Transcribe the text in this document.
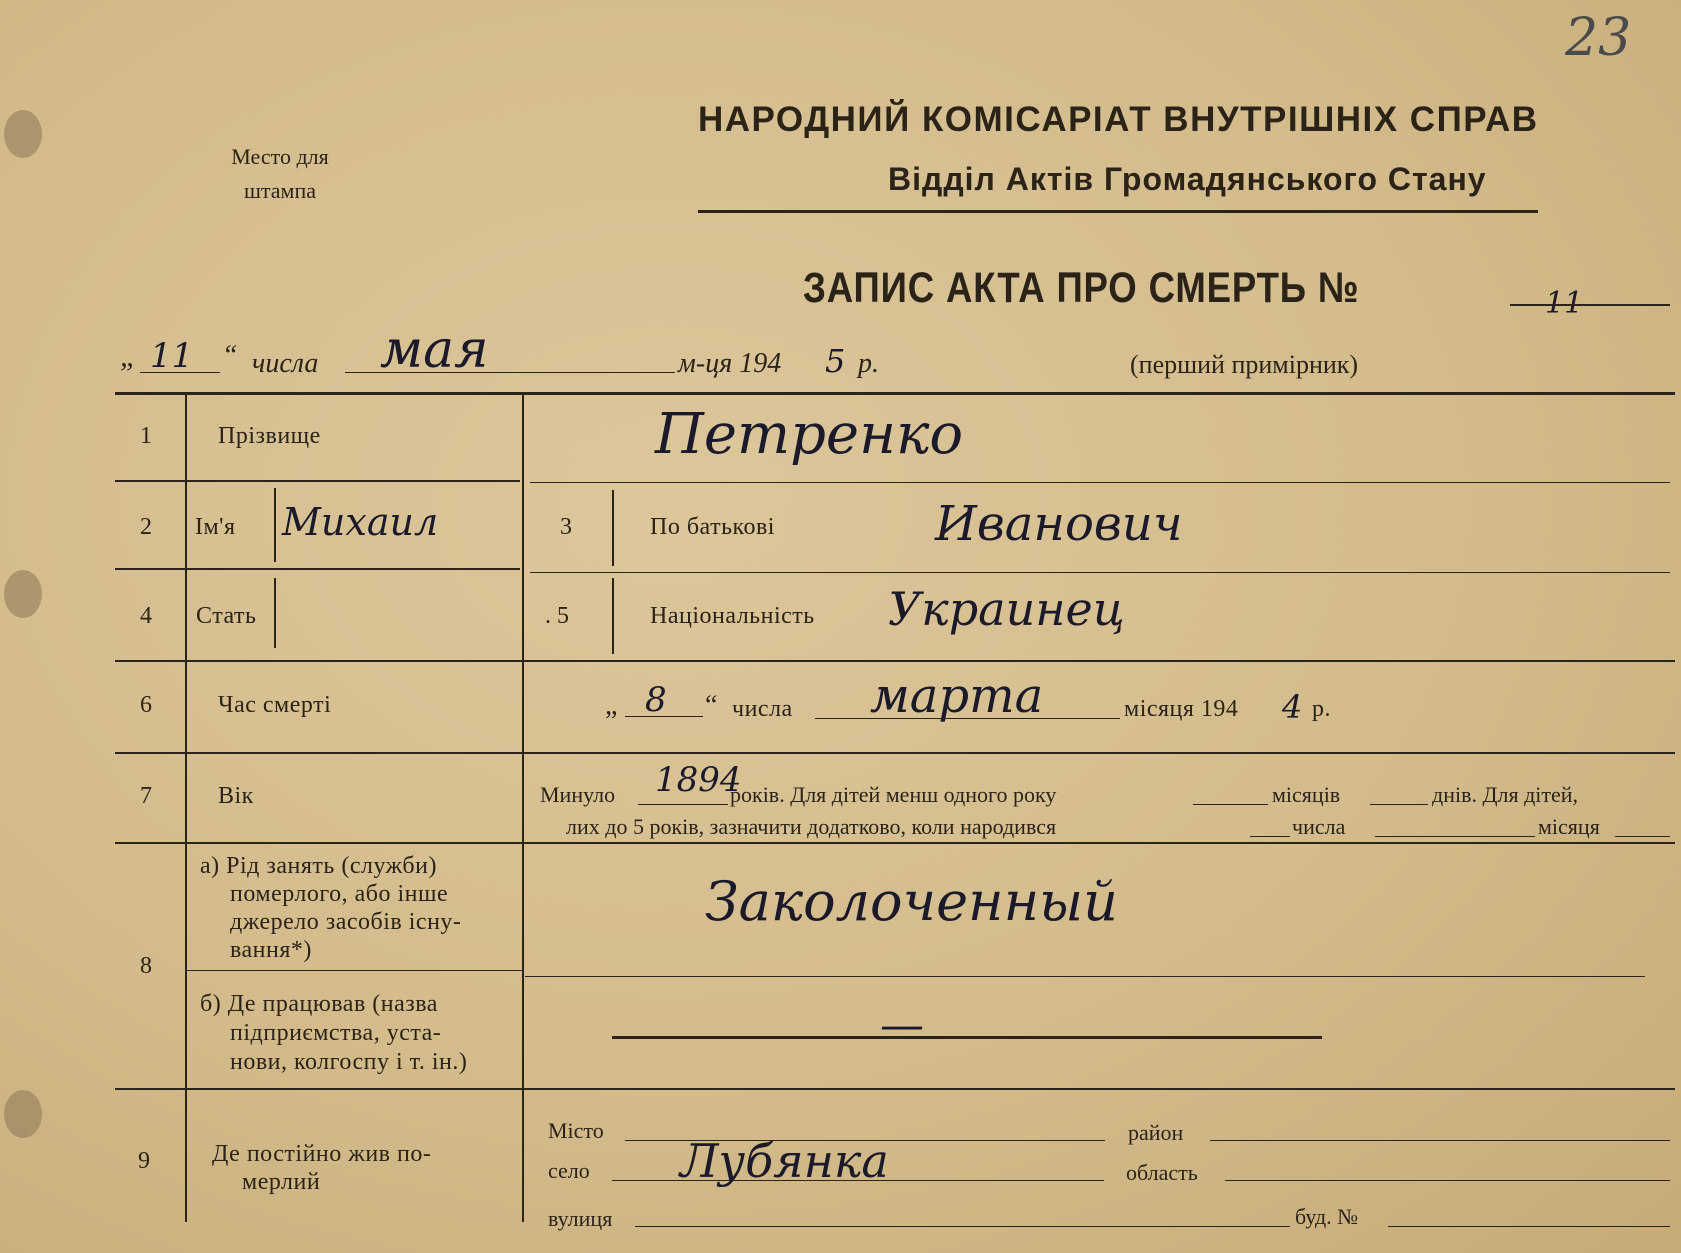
23
Место для
штампа
НАРОДНИЙ КОМІСАРІАТ ВНУТРІШНІХ СПРАВ
Відділ Актів Громадянського Стану
ЗАПИС АКТА ПРО СМЕРТЬ №	11
„ 11 “ числа мая	м-ця 194 5 р.	(перший примірник)
1	Прізвище	Петренко
2 Ім'я Михаил	3	По батькові	Иванович
4 Стать	. 5	Національність Украинец
6	Час смерті	„ 8 “ числа марта	місяця 194 4 р.
7	Вік	Минуло 1894
років. Для дітей менш одного року	місяців	днів. Для дітей,
лих до 5 років, зазначити додатково, коли народився	числа	місяця
8
а) Рід занять (служби)
померлого, або інше
джерело засобів існу-
вання*)
Заколоченный
б) Де працював (назва
підприємства, уста-
нови, колгоспу і т. ін.)
—
9	Де постійно жив по-
мерлий
Місто	район
село Лубянка	область
вулиця	буд. №
